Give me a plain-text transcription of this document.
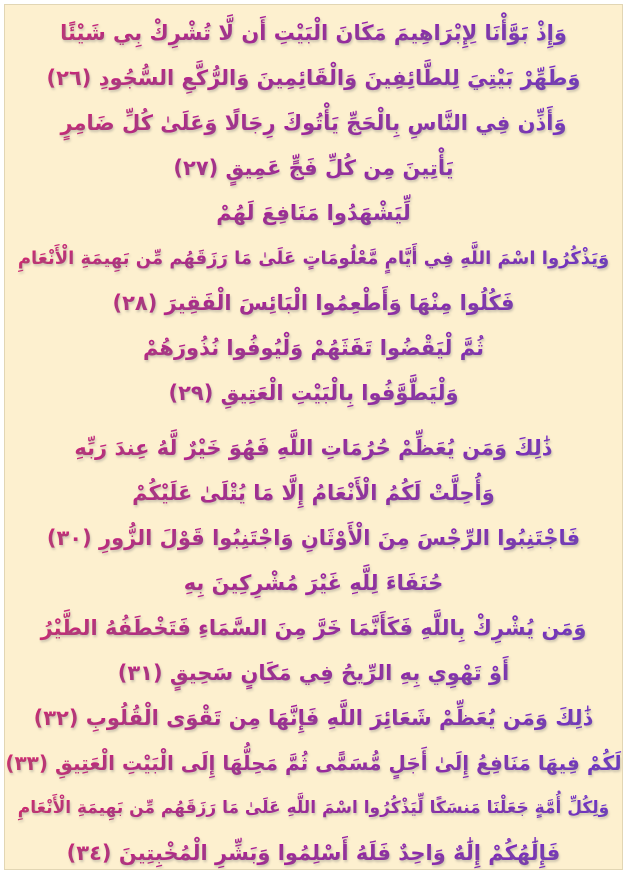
وَإِذْ بَوَّأْنَا لِإِبْرَاهِيمَ مَكَانَ الْبَيْتِ أَن لَّا تُشْرِكْ بِي شَيْئًا
وَطَهِّرْ بَيْتِيَ لِلطَّائِفِينَ وَالْقَائِمِينَ وَالرُّكَّعِ السُّجُودِ (٢٦)
وَأَذِّن فِي النَّاسِ بِالْحَجِّ يَأْتُوكَ رِجَالًا وَعَلَىٰ كُلِّ ضَامِرٍ
يَأْتِينَ مِن كُلِّ فَجٍّ عَمِيقٍ (٢٧)
لِّيَشْهَدُوا مَنَافِعَ لَهُمْ
وَيَذْكُرُوا اسْمَ اللَّهِ فِي أَيَّامٍ مَّعْلُومَاتٍ عَلَىٰ مَا رَزَقَهُم مِّن بَهِيمَةِ الْأَنْعَامِ
فَكُلُوا مِنْهَا وَأَطْعِمُوا الْبَائِسَ الْفَقِيرَ (٢٨)
ثُمَّ لْيَقْضُوا تَفَثَهُمْ وَلْيُوفُوا نُذُورَهُمْ
وَلْيَطَّوَّفُوا بِالْبَيْتِ الْعَتِيقِ (٢٩)
ذَٰلِكَ وَمَن يُعَظِّمْ حُرُمَاتِ اللَّهِ فَهُوَ خَيْرٌ لَّهُ عِندَ رَبِّهِ
وَأُحِلَّتْ لَكُمُ الْأَنْعَامُ إِلَّا مَا يُتْلَىٰ عَلَيْكُمْ
فَاجْتَنِبُوا الرِّجْسَ مِنَ الْأَوْثَانِ وَاجْتَنِبُوا قَوْلَ الزُّورِ (٣٠)
حُنَفَاءَ لِلَّهِ غَيْرَ مُشْرِكِينَ بِهِ
وَمَن يُشْرِكْ بِاللَّهِ فَكَأَنَّمَا خَرَّ مِنَ السَّمَاءِ فَتَخْطَفُهُ الطَّيْرُ
أَوْ تَهْوِي بِهِ الرِّيحُ فِي مَكَانٍ سَحِيقٍ (٣١)
ذَٰلِكَ وَمَن يُعَظِّمْ شَعَائِرَ اللَّهِ فَإِنَّهَا مِن تَقْوَى الْقُلُوبِ (٣٢)
لَكُمْ فِيهَا مَنَافِعُ إِلَىٰ أَجَلٍ مُّسَمًّى ثُمَّ مَحِلُّهَا إِلَى الْبَيْتِ الْعَتِيقِ (٣٣)
وَلِكُلِّ أُمَّةٍ جَعَلْنَا مَنسَكًا لِّيَذْكُرُوا اسْمَ اللَّهِ عَلَىٰ مَا رَزَقَهُم مِّن بَهِيمَةِ الْأَنْعَامِ
فَإِلَٰهُكُمْ إِلَٰهٌ وَاحِدٌ فَلَهُ أَسْلِمُوا وَبَشِّرِ الْمُخْبِتِينَ (٣٤)
